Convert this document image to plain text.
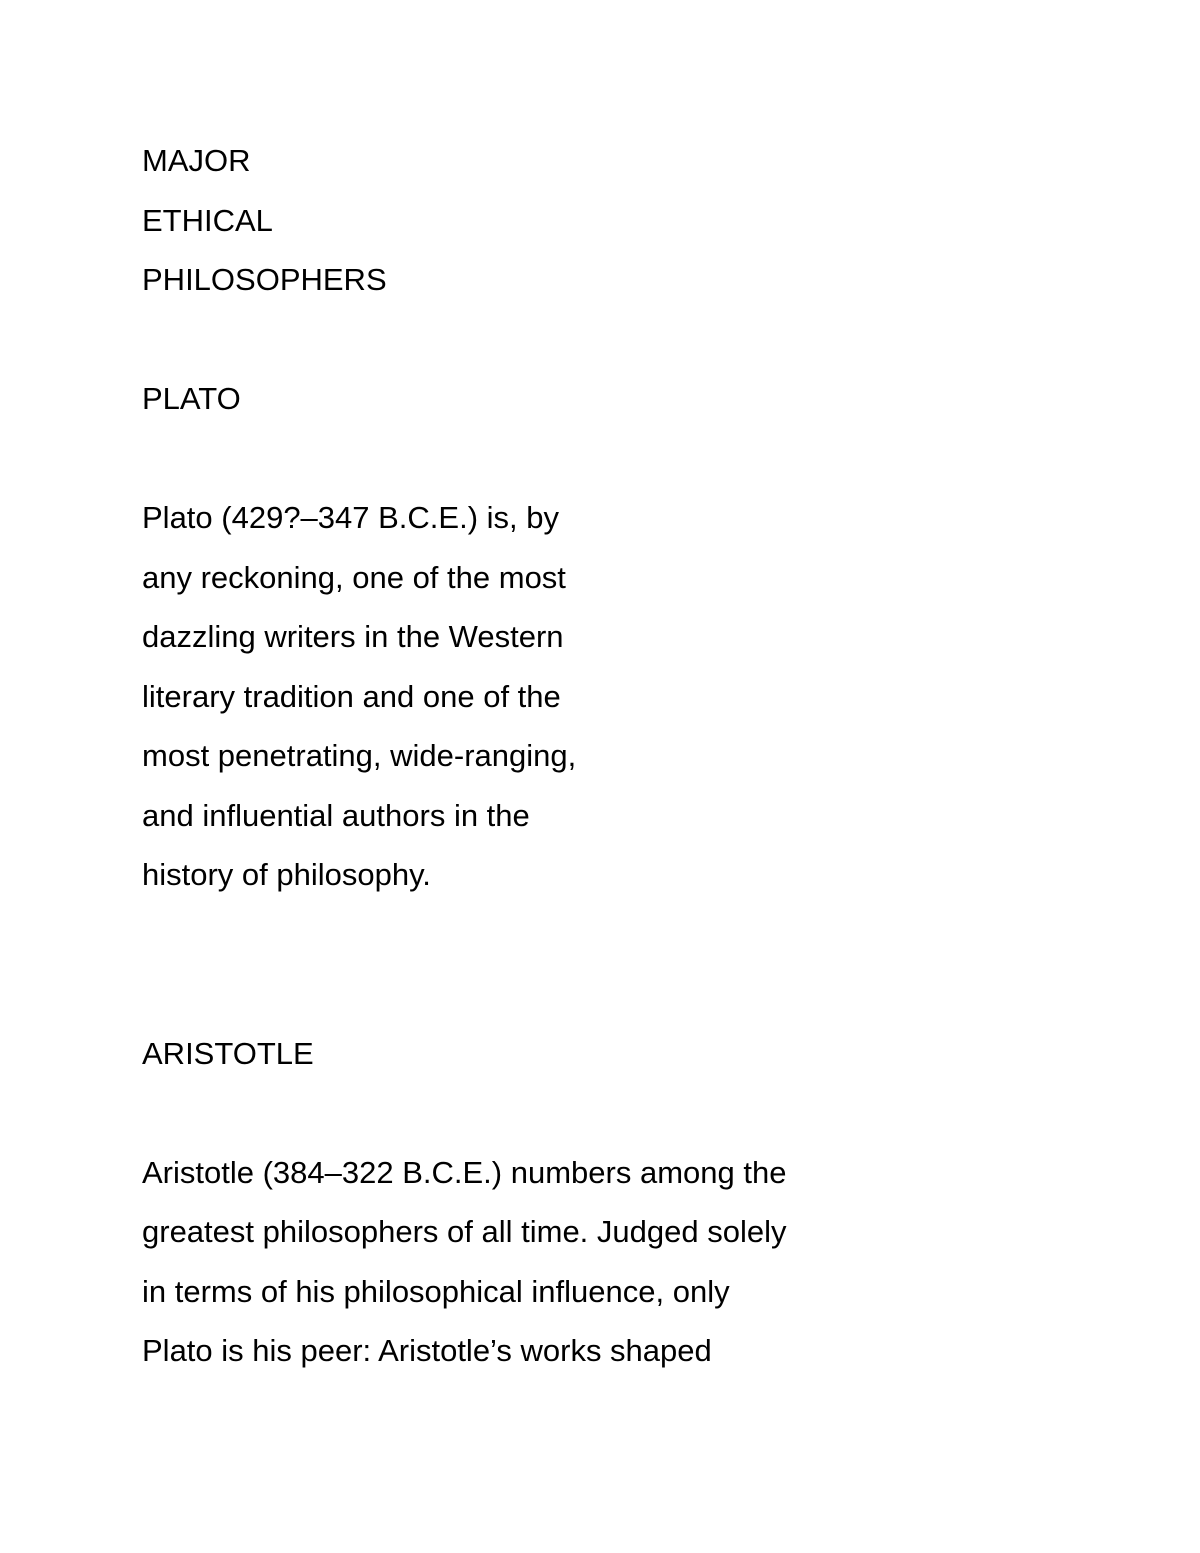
MAJOR
ETHICAL
PHILOSOPHERS
PLATO
Plato (429?–347 B.C.E.) is, by
any reckoning, one of the most
dazzling writers in the Western
literary tradition and one of the
most penetrating, wide-ranging,
and influential authors in the
history of philosophy.
ARISTOTLE
Aristotle (384–322 B.C.E.) numbers among the
greatest philosophers of all time. Judged solely
in terms of his philosophical influence, only
Plato is his peer: Aristotle’s works shaped
